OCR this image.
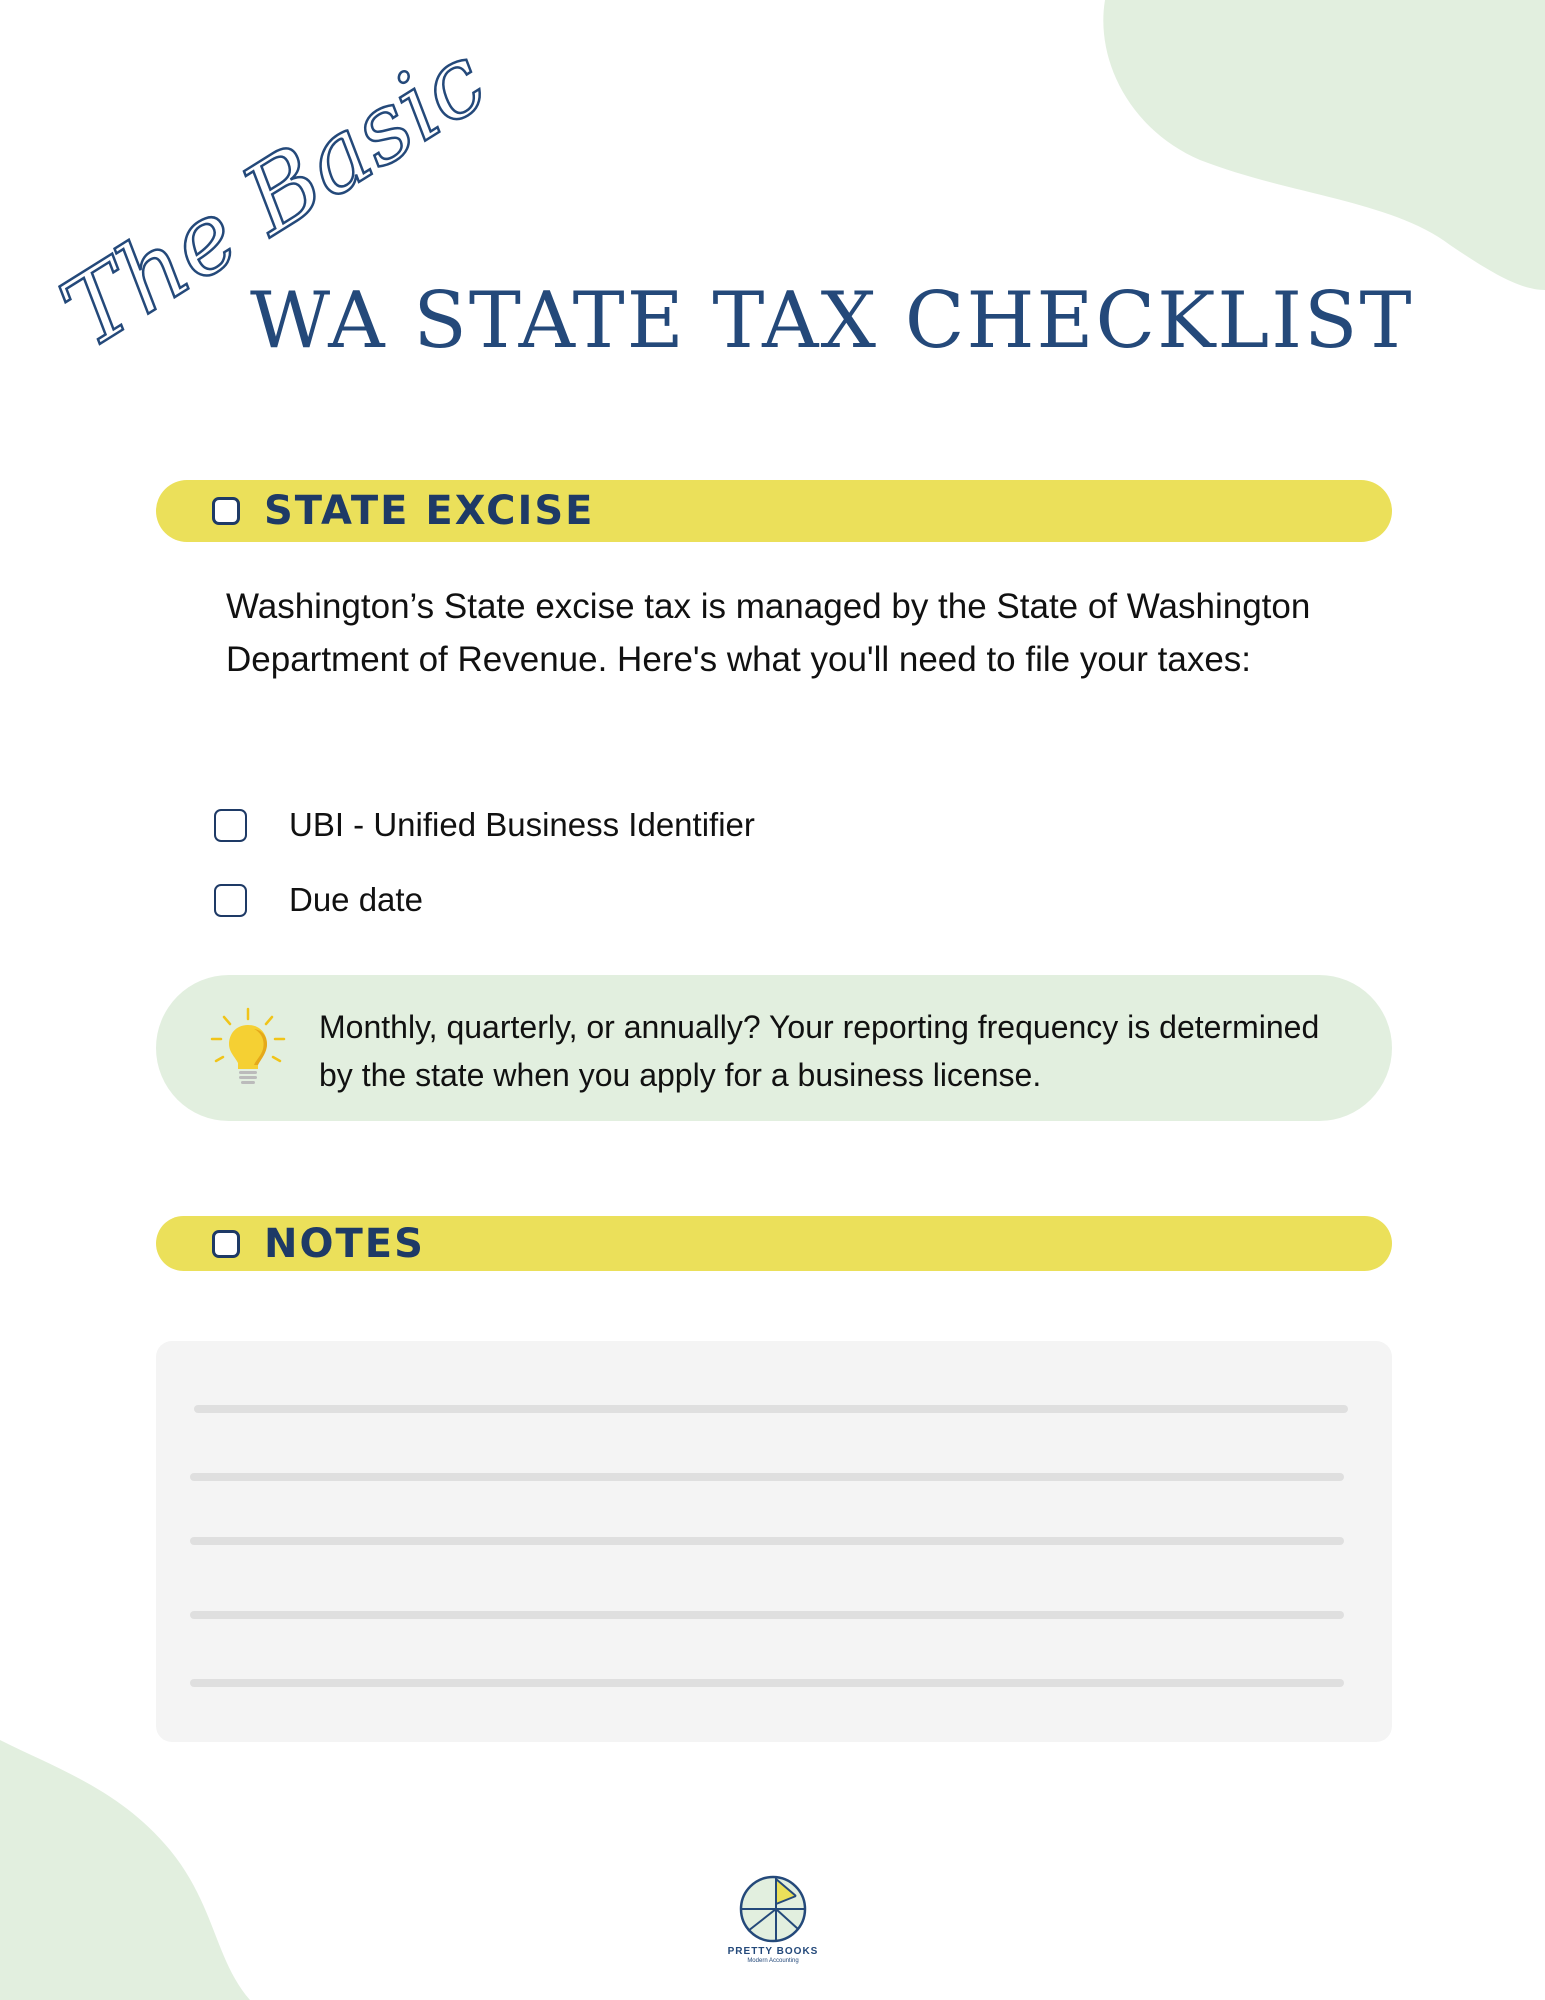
The Basic
WA STATE TAX CHECKLIST
STATE EXCISE

Washington’s State excise tax is managed by the State of Washington Department of Revenue. Here's what you'll need to file your taxes:

UBI - Unified Business Identifier
Due date

Monthly, quarterly, or annually? Your reporting frequency is determined by the state when you apply for a business license.

NOTES
PRETTY BOOKS
Modern Accounting
